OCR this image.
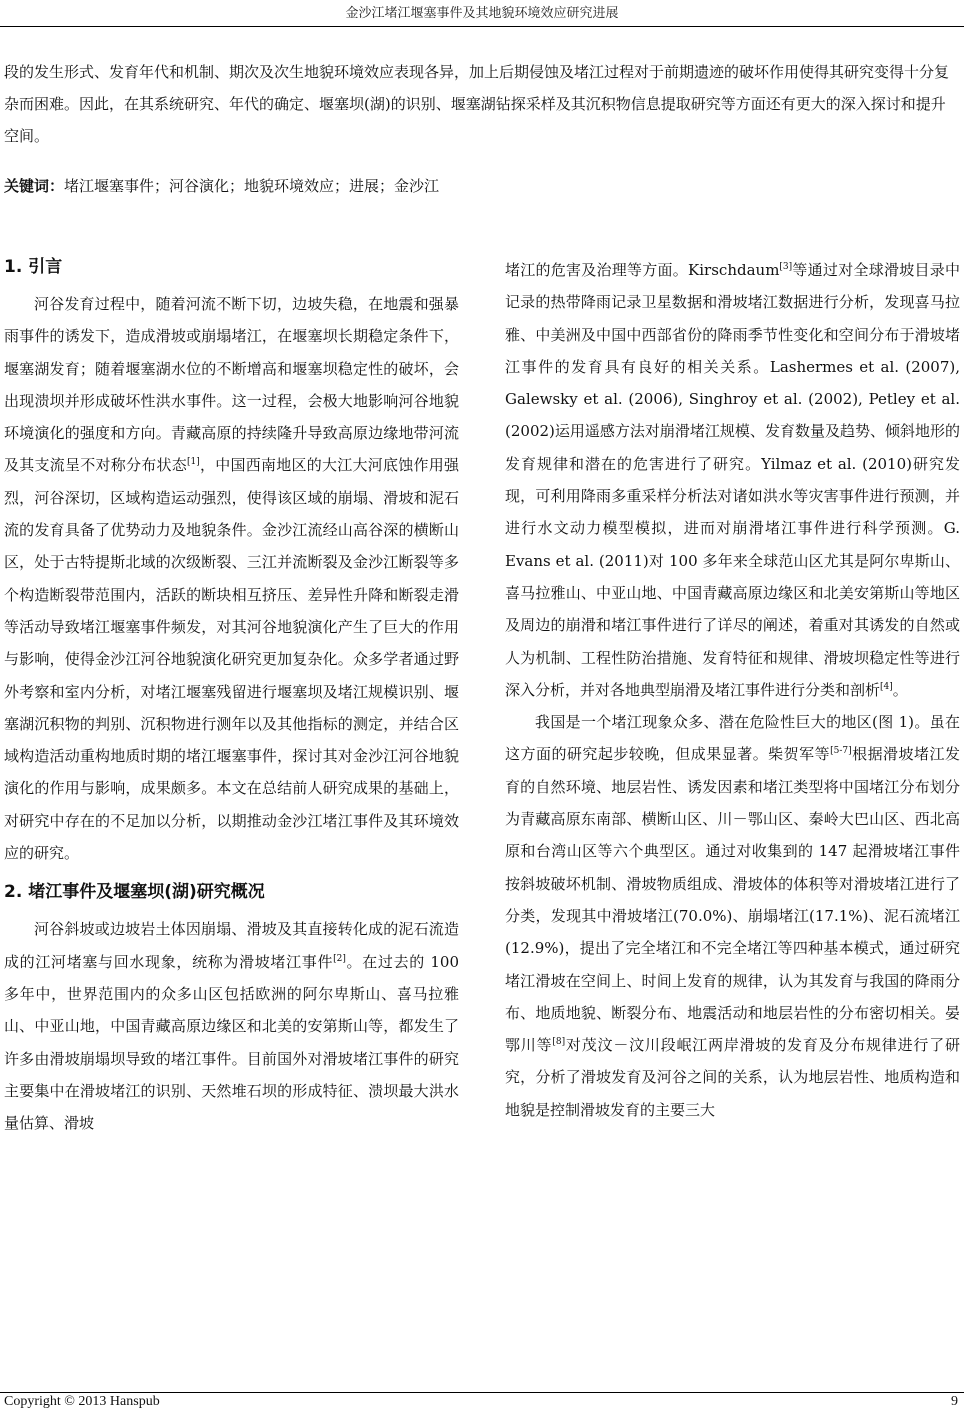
金沙江堵江堰塞事件及其地貌环境效应研究进展

段的发生形式、发育年代和机制、期次及次生地貌环境效应表现各异，加上后期侵蚀及堵江过程对于前期遗迹的破坏作用使得其研究变得十分复杂而困难。因此，在其系统研究、年代的确定、堰塞坝(湖)的识别、堰塞湖钻探采样及其沉积物信息提取研究等方面还有更大的深入探讨和提升空间。

关键词：堵江堰塞事件；河谷演化；地貌环境效应；进展；金沙江

1. 引言

河谷发育过程中，随着河流不断下切，边坡失稳，在地震和强暴雨事件的诱发下，造成滑坡或崩塌堵江，在堰塞坝长期稳定条件下，堰塞湖发育；随着堰塞湖水位的不断增高和堰塞坝稳定性的破坏，会出现溃坝并形成破坏性洪水事件。这一过程，会极大地影响河谷地貌环境演化的强度和方向。青藏高原的持续隆升导致高原边缘地带河流及其支流呈不对称分布状态[1]，中国西南地区的大江大河底蚀作用强烈，河谷深切，区域构造运动强烈，使得该区域的崩塌、滑坡和泥石流的发育具备了优势动力及地貌条件。金沙江流经山高谷深的横断山区，处于古特提斯北域的次级断裂、三江并流断裂及金沙江断裂等多个构造断裂带范围内，活跃的断块相互挤压、差异性升降和断裂走滑等活动导致堵江堰塞事件频发，对其河谷地貌演化产生了巨大的作用与影响，使得金沙江河谷地貌演化研究更加复杂化。众多学者通过野外考察和室内分析，对堵江堰塞残留进行堰塞坝及堵江规模识别、堰塞湖沉积物的判别、沉积物进行测年以及其他指标的测定，并结合区域构造活动重构地质时期的堵江堰塞事件，探讨其对金沙江河谷地貌演化的作用与影响，成果颇多。本文在总结前人研究成果的基础上，对研究中存在的不足加以分析，以期推动金沙江堵江事件及其环境效应的研究。

2. 堵江事件及堰塞坝(湖)研究概况

河谷斜坡或边坡岩土体因崩塌、滑坡及其直接转化成的泥石流造成的江河堵塞与回水现象，统称为滑坡堵江事件[2]。在过去的 100 多年中，世界范围内的众多山区包括欧洲的阿尔卑斯山、喜马拉雅山、中亚山地，中国青藏高原边缘区和北美的安第斯山等，都发生了许多由滑坡崩塌坝导致的堵江事件。目前国外对滑坡堵江事件的研究主要集中在滑坡堵江的识别、天然堆石坝的形成特征、溃坝最大洪水量估算、滑坡

堵江的危害及治理等方面。Kirschdaum[3]等通过对全球滑坡目录中记录的热带降雨记录卫星数据和滑坡堵江数据进行分析，发现喜马拉雅、中美洲及中国中西部省份的降雨季节性变化和空间分布于滑坡堵江事件的发育具有良好的相关关系。Lashermes et al. (2007), Galewsky et al. (2006), Singhroy et al. (2002), Petley et al. (2002)运用遥感方法对崩滑堵江规模、发育数量及趋势、倾斜地形的发育规律和潜在的危害进行了研究。Yilmaz et al. (2010)研究发现，可利用降雨多重采样分析法对诸如洪水等灾害事件进行预测，并进行水文动力模型模拟，进而对崩滑堵江事件进行科学预测。G. Evans et al. (2011)对 100 多年来全球范山区尤其是阿尔卑斯山、喜马拉雅山、中亚山地、中国青藏高原边缘区和北美安第斯山等地区及周边的崩滑和堵江事件进行了详尽的阐述，着重对其诱发的自然或人为机制、工程性防治措施、发育特征和规律、滑坡坝稳定性等进行深入分析，并对各地典型崩滑及堵江事件进行分类和剖析[4]。

我国是一个堵江现象众多、潜在危险性巨大的地区(图 1)。虽在这方面的研究起步较晚，但成果显著。柴贺军等[5-7]根据滑坡堵江发育的自然环境、地层岩性、诱发因素和堵江类型将中国堵江分布划分为青藏高原东南部、横断山区、川－鄂山区、秦岭大巴山区、西北高原和台湾山区等六个典型区。通过对收集到的 147 起滑坡堵江事件按斜坡破坏机制、滑坡物质组成、滑坡体的体积等对滑坡堵江进行了分类，发现其中滑坡堵江(70.0%)、崩塌堵江(17.1%)、泥石流堵江(12.9%)，提出了完全堵江和不完全堵江等四种基本模式，通过研究堵江滑坡在空间上、时间上发育的规律，认为其发育与我国的降雨分布、地质地貌、断裂分布、地震活动和地层岩性的分布密切相关。晏鄂川等[8]对茂汶－汶川段岷江两岸滑坡的发育及分布规律进行了研究，分析了滑坡发育及河谷之间的关系，认为地层岩性、地质构造和地貌是控制滑坡发育的主要三大

Copyright © 2013 Hanspub	9
